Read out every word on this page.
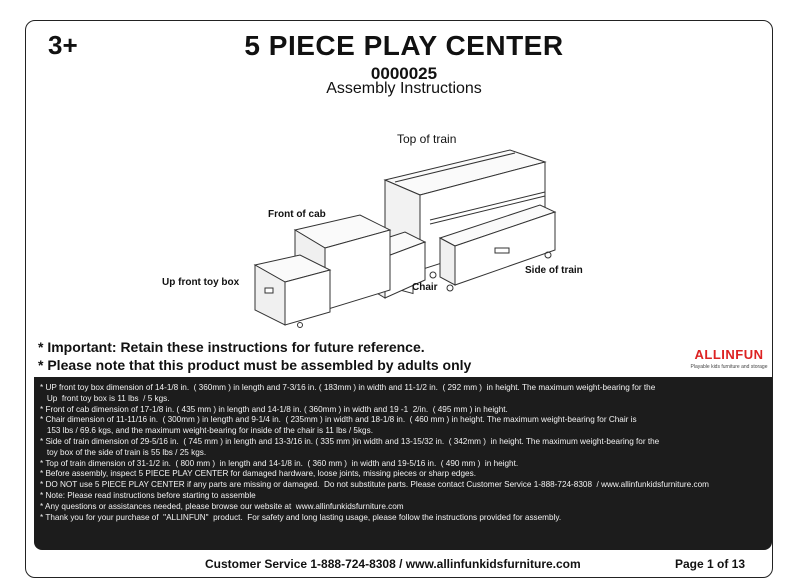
3+	5 PIECE PLAY CENTER
0000025
Assembly Instructions
Top of train
Front of cab
Side of train
Up front toy box	Chair
* Important: Retain these instructions for future reference.
* Please note that this product must be assembled by adults only
ALLINFUN
Playable kids furniture and storage
* UP front toy box dimension of 14-1/8 in.  ( 360mm ) in length and 7-3/16 in. ( 183mm ) in width and 11-1/2 in.  ( 292 mm )  in height. The maximum weight-bearing for the
Up  front toy box is 11 lbs  / 5 kgs.
* Front of cab dimension of 17-1/8 in. ( 435 mm ) in length and 14-1/8 in. ( 360mm ) in width and 19 -1  2/in.  ( 495 mm ) in height.
* Chair dimension of 11-11/16 in.  ( 300mm ) in length and 9-1/4 in.  ( 235mm ) in width and 18-1/8 in.  ( 460 mm ) in height. The maximum weight-bearing for Chair is
153 lbs / 69.6 kgs, and the maximum weight-bearing for inside of the chair is 11 lbs / 5kgs.
* Side of train dimension of 29-5/16 in.  ( 745 mm ) in length and 13-3/16 in. ( 335 mm )in width and 13-15/32 in.  ( 342mm )  in height. The maximum weight-bearing for the
toy box of the side of train is 55 lbs / 25 kgs.
* Top of train dimension of 31-1/2 in.  ( 800 mm )  in length and 14-1/8 in.  ( 360 mm )  in width and 19-5/16 in.  ( 490 mm )  in height.
* Before assembly, inspect 5 PIECE PLAY CENTER for damaged hardware, loose joints, missing pieces or sharp edges.
* DO NOT use 5 PIECE PLAY CENTER if any parts are missing or damaged.  Do not substitute parts. Please contact Customer Service 1-888-724-8308  / www.allinfunkidsfurniture.com
* Note: Please read instructions before starting to assemble
* Any questions or assistances needed, please browse our website at  www.allinfunkidsfurniture.com
* Thank you for your purchase of  "ALLINFUN"  product.  For safety and long lasting usage, please follow the instructions provided for assembly.
Customer Service 1-888-724-8308 / www.allinfunkidsfurniture.com	Page 1 of 13
